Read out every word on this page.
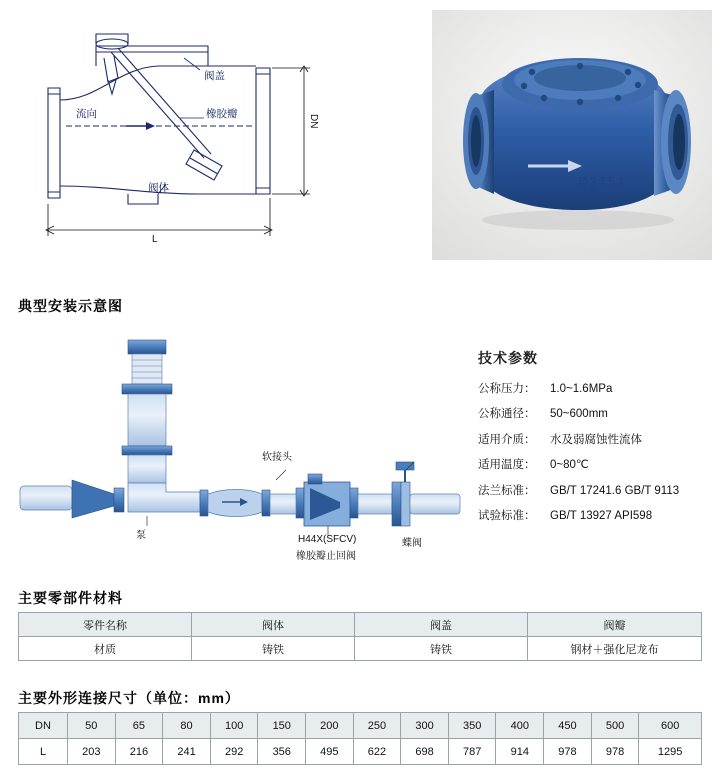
流向
阀盖
橡胶瓣
阀体
DN
L
D3751
典型安装示意图
泵
软接头
H44X(SFCV)
橡胶瓣止回阀
蝶阀
技术参数
公称压力：	1.0~1.6MPa
公称通径：	50~600mm
适用介质：	水及弱腐蚀性流体
适用温度：	0~80℃
法兰标准：	GB/T 17241.6 GB/T 9113
试验标准：	GB/T 13927 API598
主要零部件材料
零件名称	阀体	阀盖	阀瓣
材质	铸铁	铸铁	钢材＋强化尼龙布
主要外形连接尺寸（单位：mm）
DN	50	65	80	100	150	200	250	300	350	400	450	500	600
L	203	216	241	292	356	495	622	698	787	914	978	978	1295
